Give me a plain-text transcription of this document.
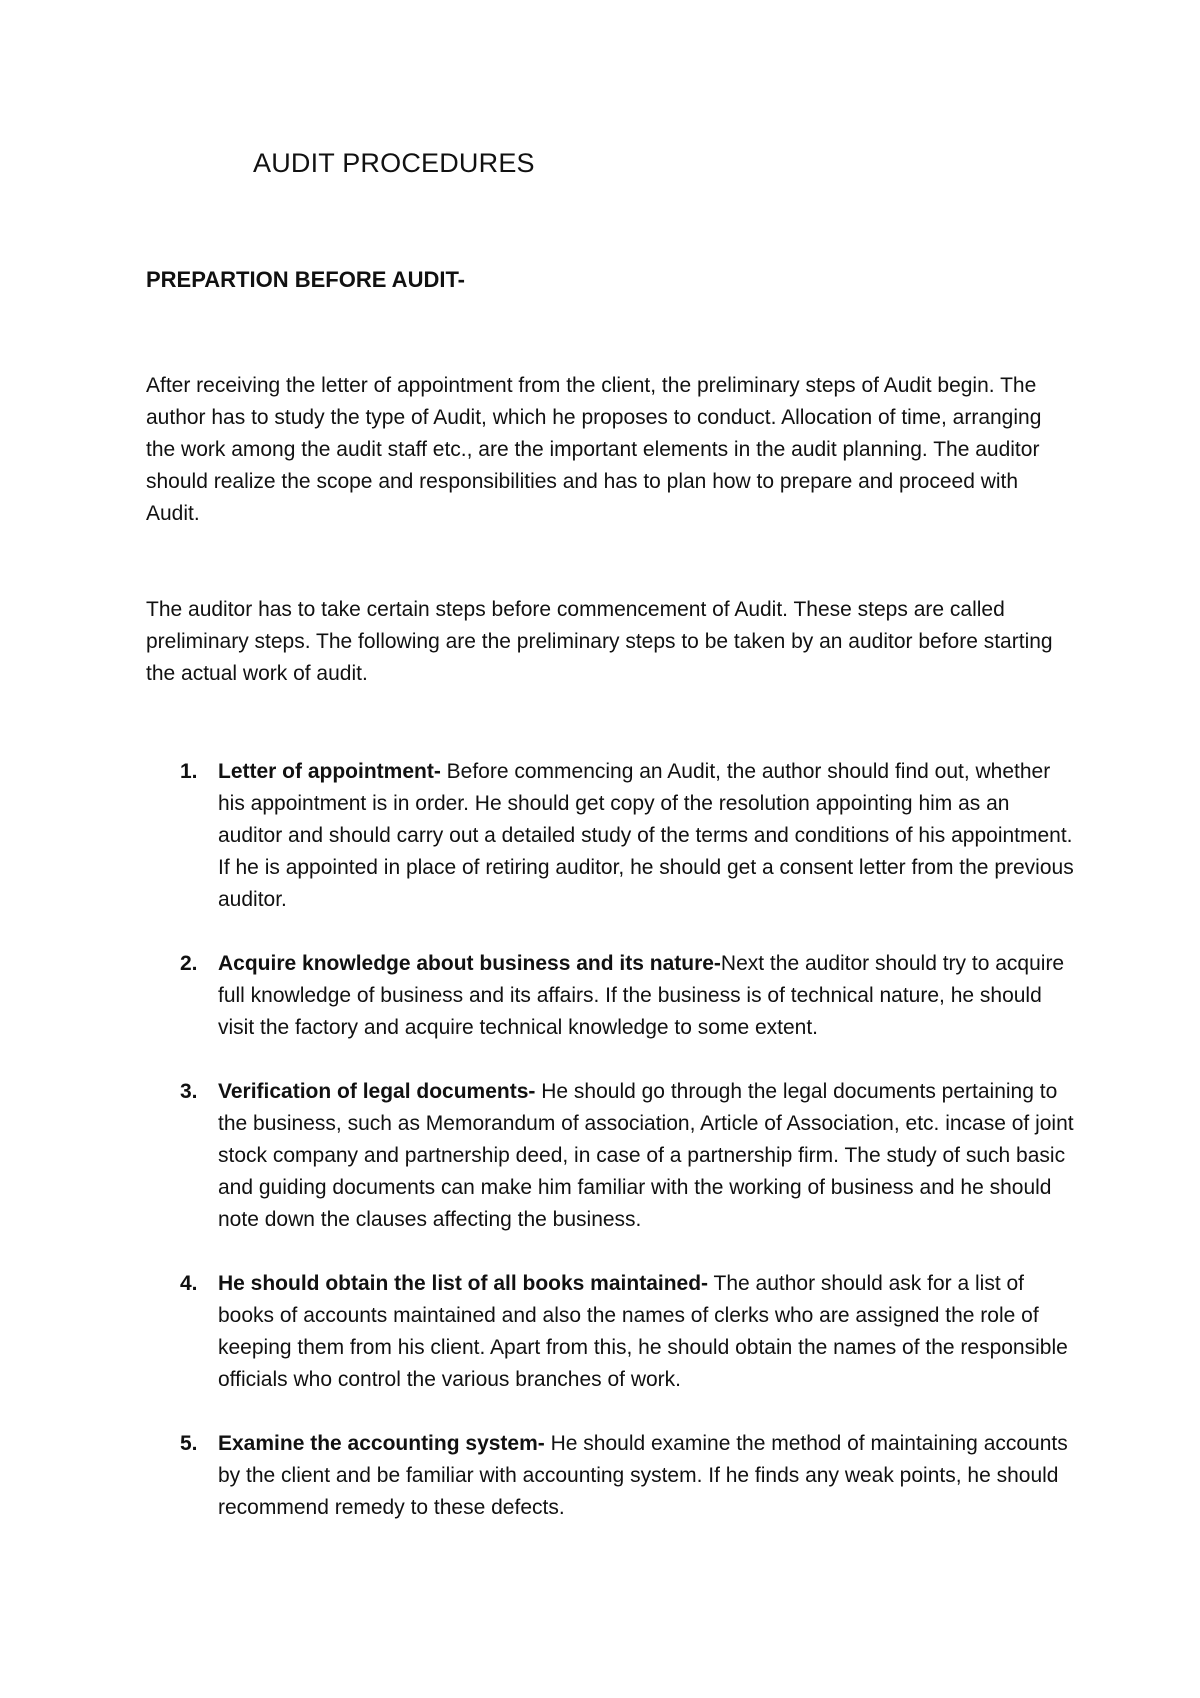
AUDIT PROCEDURES
PREPARTION BEFORE AUDIT-

After receiving the letter of appointment from the client, the preliminary steps of Audit begin. The author has to study the type of Audit, which he proposes to conduct. Allocation of time, arranging the work among the audit staff etc., are the important elements in the audit planning. The auditor should realize the scope and responsibilities and has to plan how to prepare and proceed with Audit.

The auditor has to take certain steps before commencement of Audit. These steps are called preliminary steps. The following are the preliminary steps to be taken by an auditor before starting the actual work of audit.

1. Letter of appointment- Before commencing an Audit, the author should find out, whether his appointment is in order. He should get copy of the resolution appointing him as an auditor and should carry out a detailed study of the terms and conditions of his appointment. If he is appointed in place of retiring auditor, he should get a consent letter from the previous auditor.
2. Acquire knowledge about business and its nature-Next the auditor should try to acquire full knowledge of business and its affairs. If the business is of technical nature, he should visit the factory and acquire technical knowledge to some extent.
3. Verification of legal documents- He should go through the legal documents pertaining to the business, such as Memorandum of association, Article of Association, etc. incase of joint stock company and partnership deed, in case of a partnership firm. The study of such basic and guiding documents can make him familiar with the working of business and he should note down the clauses affecting the business.
4. He should obtain the list of all books maintained- The author should ask for a list of books of accounts maintained and also the names of clerks who are assigned the role of keeping them from his client. Apart from this, he should obtain the names of the responsible officials who control the various branches of work.
5. Examine the accounting system- He should examine the method of maintaining accounts by the client and be familiar with accounting system. If he finds any weak points, he should recommend remedy to these defects.
